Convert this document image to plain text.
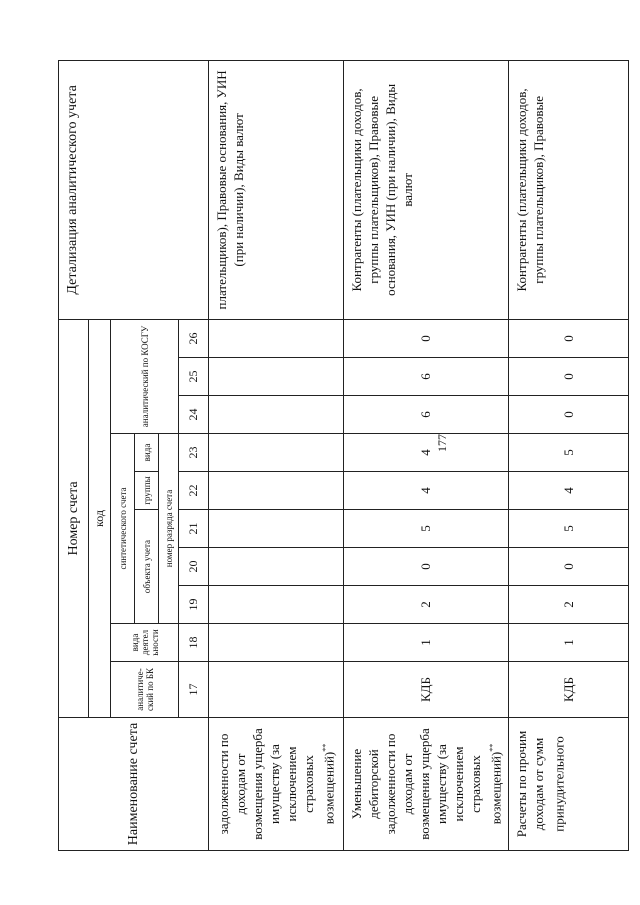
177
Наименование счета	Номер счета										Детализация аналитического учета
	код										
	аналитический по БК	вида деятел ьности	синтетического счета					аналитический по КОСГУ			
			объекта учета			группы	вида				
			номер разряда счета								
	17	18	19	20	21	22	23	24	25	26	
задолженности по доходам от возмещения ущерба имуществу (за исключением страховых возмещений)**											плательщиков), Правовые основания, УИН (при наличии), Виды валют
Уменьшение дебиторской задолженности по доходам от возмещения ущерба имуществу (за исключением страховых возмещений)**	КДБ	1	2	0	5	4	4	6	6	0	Контрагенты (плательщики доходов, группы плательщиков), Правовые основания, УИН (при наличии), Виды валют
Расчеты по прочим доходам от сумм принудительного	КДБ	1	2	0	5	4	5	0	0	0	Контрагенты (плательщики доходов, группы плательщиков), Правовые
